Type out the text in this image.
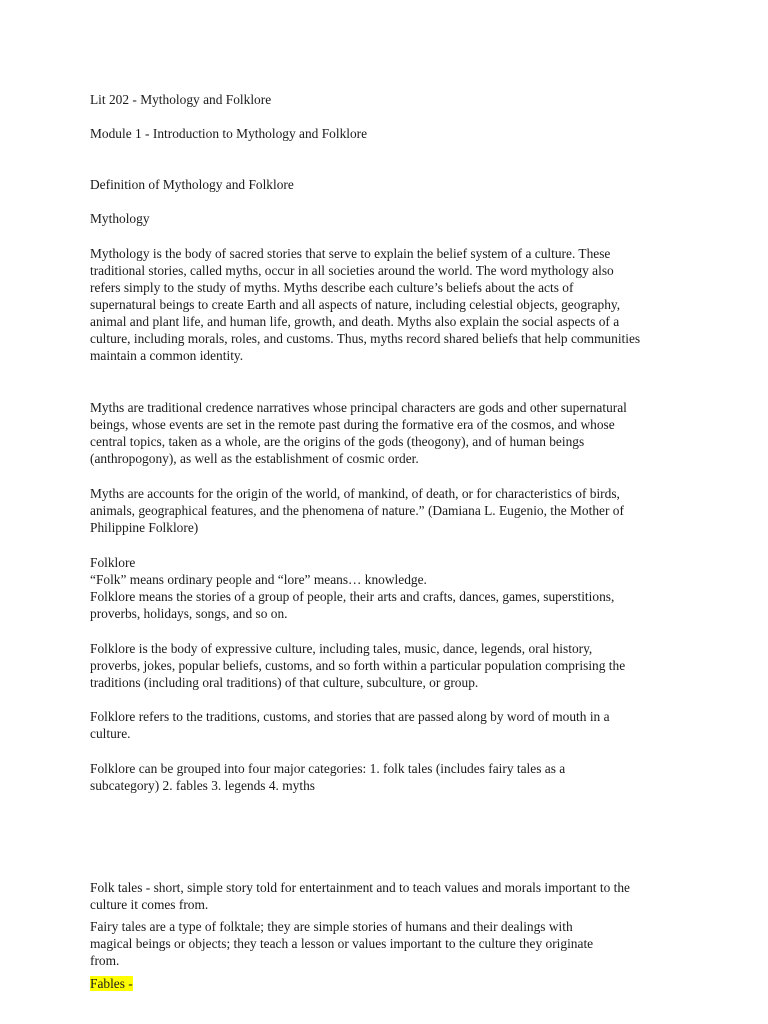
Lit 202 - Mythology and Folklore
Module 1 - Introduction to Mythology and Folklore
Definition of Mythology and Folklore
Mythology
Mythology is the body of sacred stories that serve to explain the belief system of a culture. These
traditional stories, called myths, occur in all societies around the world. The word mythology also
refers simply to the study of myths. Myths describe each culture’s beliefs about the acts of
supernatural beings to create Earth and all aspects of nature, including celestial objects, geography,
animal and plant life, and human life, growth, and death. Myths also explain the social aspects of a
culture, including morals, roles, and customs. Thus, myths record shared beliefs that help communities
maintain a common identity.
Myths are traditional credence narratives whose principal characters are gods and other supernatural
beings, whose events are set in the remote past during the formative era of the cosmos, and whose
central topics, taken as a whole, are the origins of the gods (theogony), and of human beings
(anthropogony), as well as the establishment of cosmic order.
Myths are accounts for the origin of the world, of mankind, of death, or for characteristics of birds,
animals, geographical features, and the phenomena of nature.” (Damiana L. Eugenio, the Mother of
Philippine Folklore)
Folklore
“Folk” means ordinary people and “lore” means… knowledge.
Folklore means the stories of a group of people, their arts and crafts, dances, games, superstitions,
proverbs, holidays, songs, and so on.
Folklore is the body of expressive culture, including tales, music, dance, legends, oral history,
proverbs, jokes, popular beliefs, customs, and so forth within a particular population comprising the
traditions (including oral traditions) of that culture, subculture, or group.
Folklore refers to the traditions, customs, and stories that are passed along by word of mouth in a
culture.
Folklore can be grouped into four major categories: 1. folk tales (includes fairy tales as a
subcategory) 2. fables 3. legends 4. myths
Folk tales - short, simple story told for entertainment and to teach values and morals important to the
culture it comes from.
Fairy tales are a type of folktale; they are simple stories of humans and their dealings with
magical beings or objects; they teach a lesson or values important to the culture they originate
from.
Fables -
